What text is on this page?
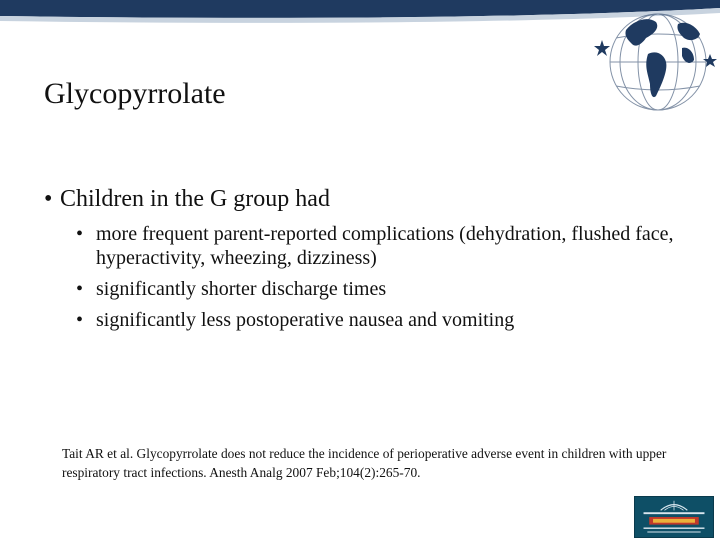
Glycopyrrolate
• Children in the G group had
• more frequent parent-reported complications (dehydration, flushed face, hyperactivity, wheezing, dizziness)
• significantly shorter discharge times
• significantly less postoperative nausea and vomiting
Tait AR et al. Glycopyrrolate does not reduce the incidence of perioperative adverse event in children with upper respiratory tract infections. Anesth Analg 2007 Feb;104(2):265-70.
